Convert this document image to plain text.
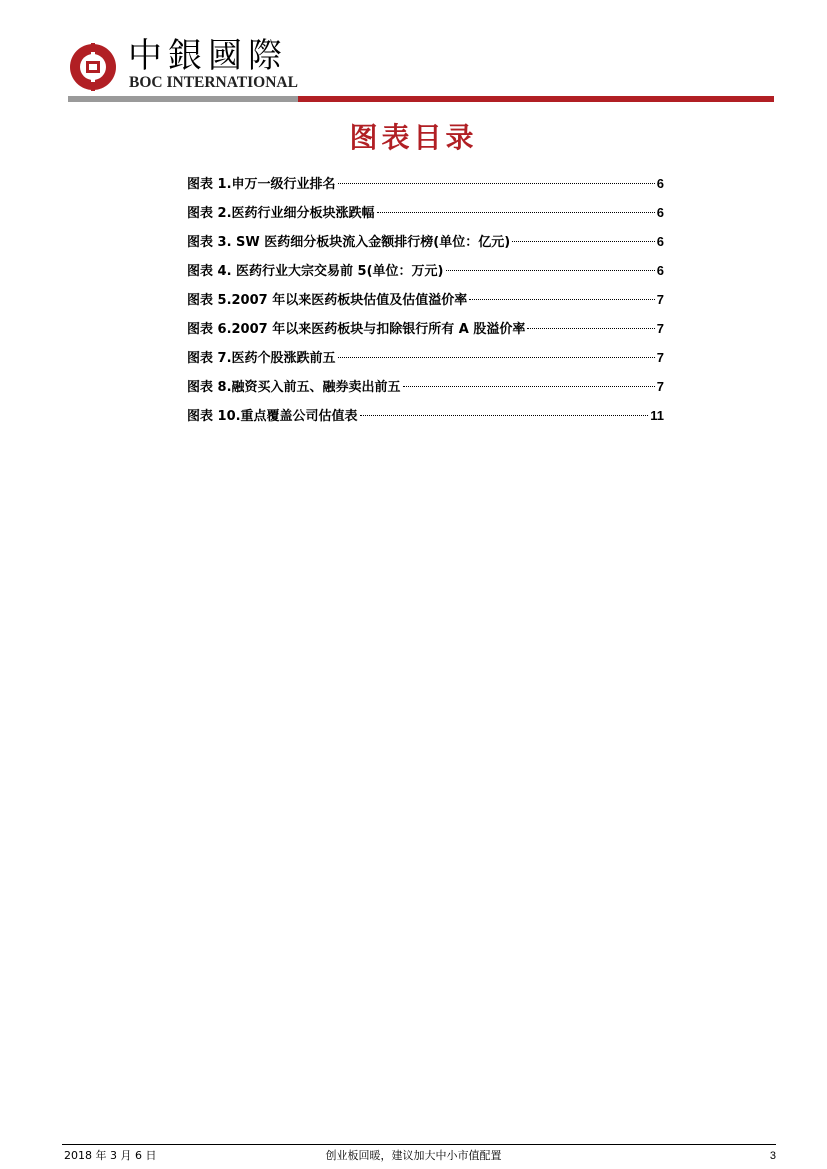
中銀國際
BOC INTERNATIONAL
图表目录
图表 1.申万一级行业排名	6
图表 2.医药行业细分板块涨跌幅	6
图表 3. SW 医药细分板块流入金额排行榜(单位：亿元)	6
图表 4. 医药行业大宗交易前 5(单位：万元)	6
图表 5.2007 年以来医药板块估值及估值溢价率	7
图表 6.2007 年以来医药板块与扣除银行所有 A 股溢价率	7
图表 7.医药个股涨跌前五	7
图表 8.融资买入前五、融券卖出前五	7
图表 10.重点覆盖公司估值表	11
2018 年 3 月 6 日	创业板回暖，建议加大中小市值配置	3
